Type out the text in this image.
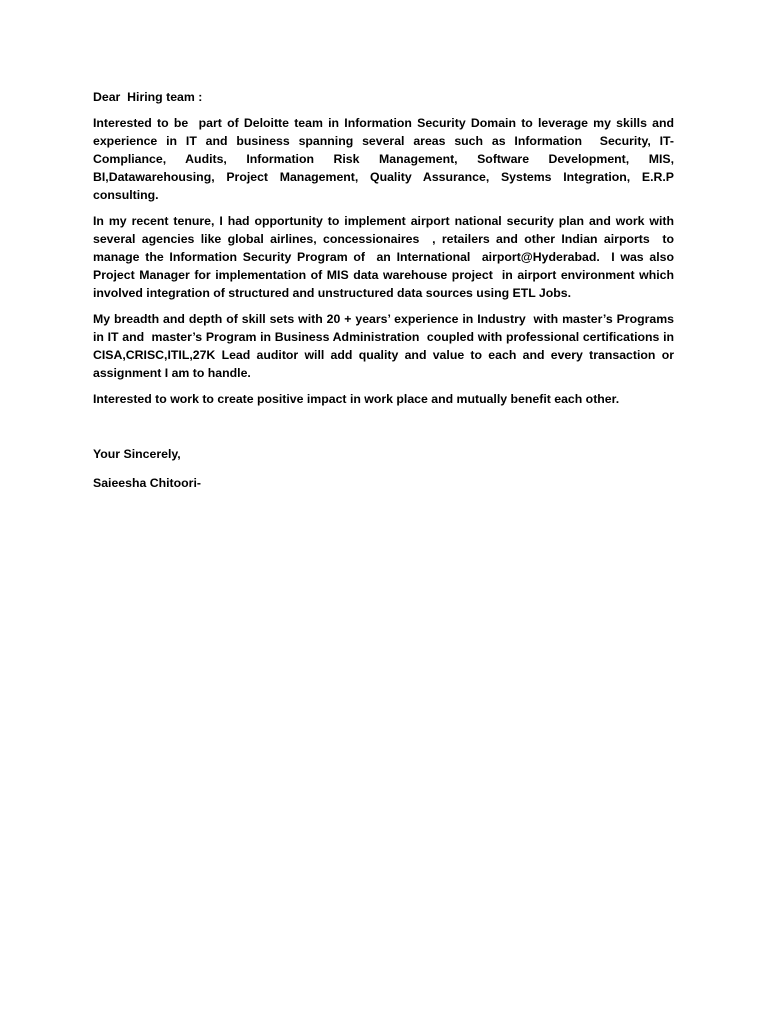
Dear  Hiring team :

Interested to be  part of Deloitte team in Information Security Domain to leverage my skills and experience in IT and business spanning several areas such as Information  Security, IT- Compliance, Audits, Information Risk Management, Software Development, MIS, BI,Datawarehousing, Project Management, Quality Assurance, Systems Integration, E.R.P consulting.

In my recent tenure, I had opportunity to implement airport national security plan and work with several agencies like global airlines, concessionaires  , retailers and other Indian airports  to manage the Information Security Program of  an International  airport@Hyderabad.  I was also Project Manager for implementation of MIS data warehouse project  in airport environment which involved integration of structured and unstructured data sources using ETL Jobs.

My breadth and depth of skill sets with 20 + years’ experience in Industry  with master’s Programs in IT and  master’s Program in Business Administration  coupled with professional certifications in CISA,CRISC,ITIL,27K Lead auditor will add quality and value to each and every transaction or assignment I am to handle.

Interested to work to create positive impact in work place and mutually benefit each other.

Your Sincerely,

Saieesha Chitoori-
